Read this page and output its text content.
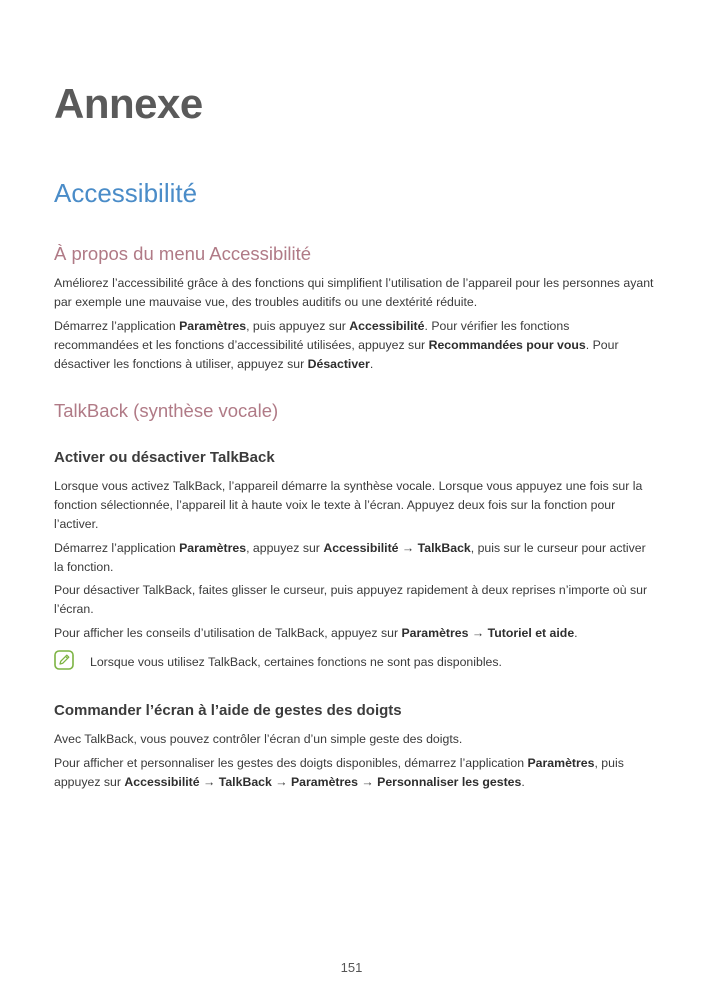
Annexe
Accessibilité
À propos du menu Accessibilité

Améliorez l’accessibilité grâce à des fonctions qui simplifient l’utilisation de l’appareil pour les personnes ayant par exemple une mauvaise vue, des troubles auditifs ou une dextérité réduite.

Démarrez l’application Paramètres, puis appuyez sur Accessibilité. Pour vérifier les fonctions recommandées et les fonctions d’accessibilité utilisées, appuyez sur Recommandées pour vous. Pour désactiver les fonctions à utiliser, appuyez sur Désactiver.

TalkBack (synthèse vocale)
Activer ou désactiver TalkBack

Lorsque vous activez TalkBack, l’appareil démarre la synthèse vocale. Lorsque vous appuyez une fois sur la fonction sélectionnée, l’appareil lit à haute voix le texte à l’écran. Appuyez deux fois sur la fonction pour l’activer.

Démarrez l’application Paramètres, appuyez sur Accessibilité → TalkBack, puis sur le curseur pour activer la fonction.

Pour désactiver TalkBack, faites glisser le curseur, puis appuyez rapidement à deux reprises n’importe où sur l’écran.

Pour afficher les conseils d’utilisation de TalkBack, appuyez sur Paramètres → Tutoriel et aide.

Lorsque vous utilisez TalkBack, certaines fonctions ne sont pas disponibles.
Commander l’écran à l’aide de gestes des doigts

Avec TalkBack, vous pouvez contrôler l’écran d’un simple geste des doigts.

Pour afficher et personnaliser les gestes des doigts disponibles, démarrez l’application Paramètres, puis appuyez sur Accessibilité → TalkBack → Paramètres → Personnaliser les gestes.

151
